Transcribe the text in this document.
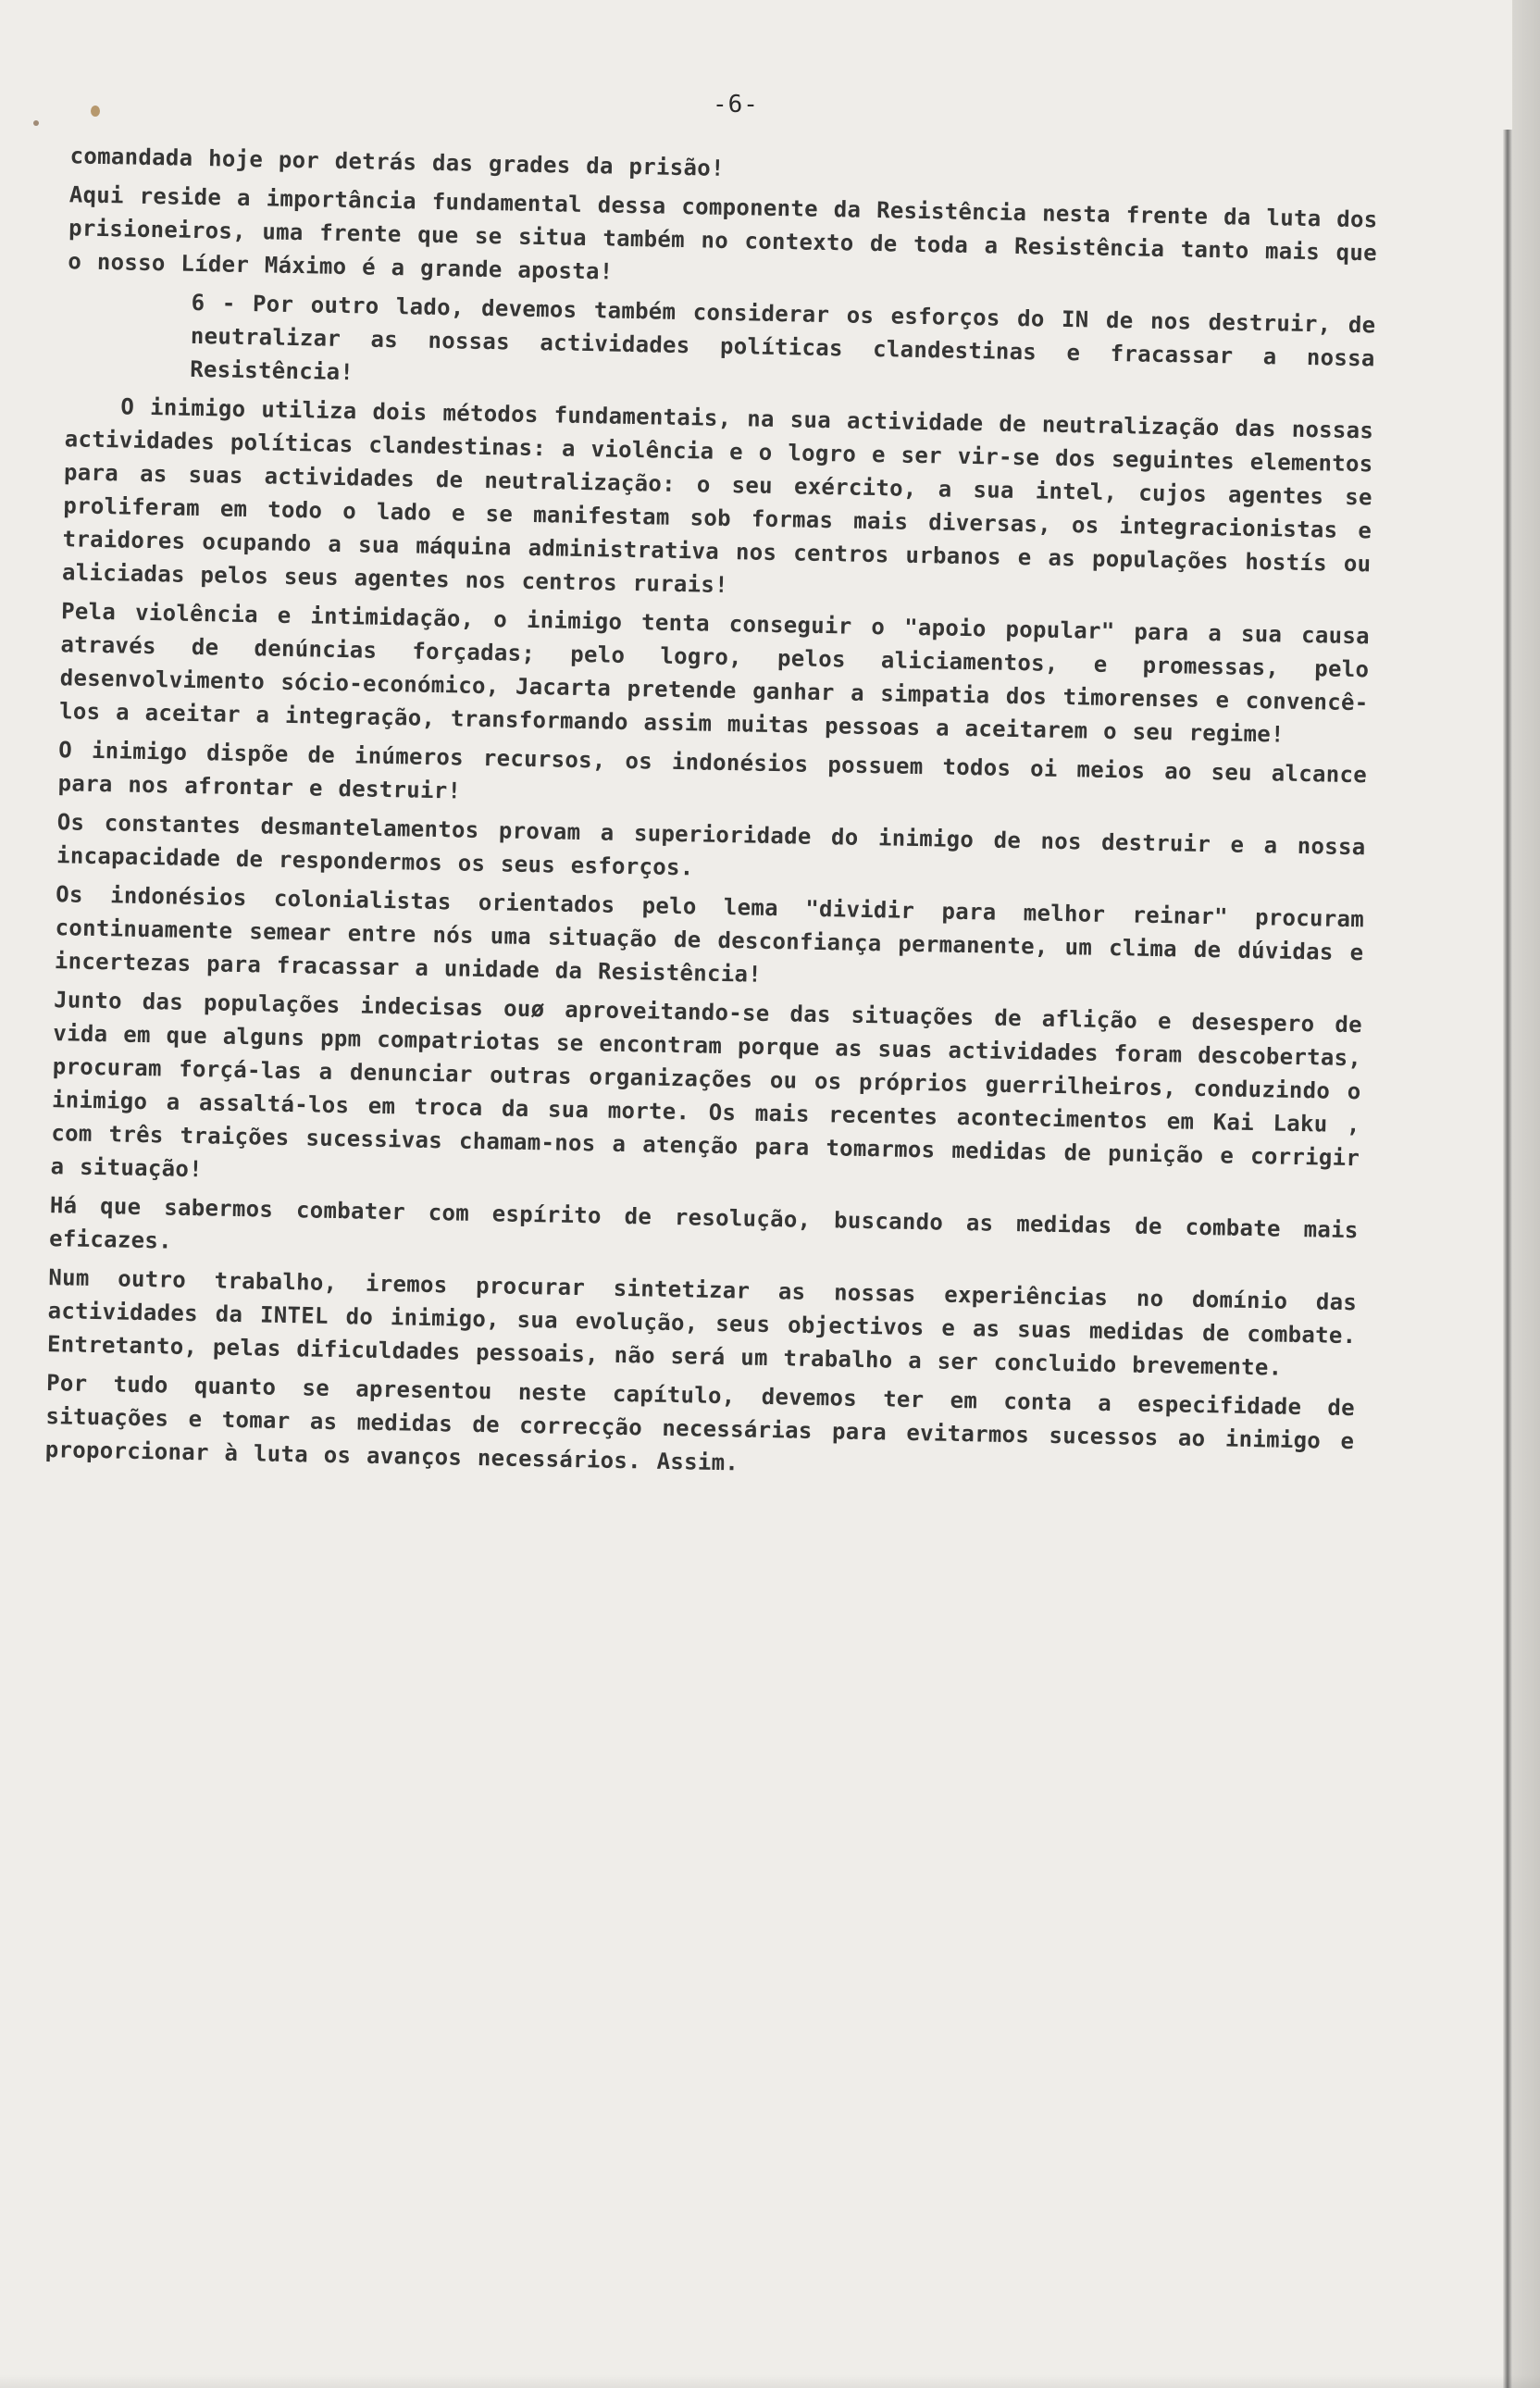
-6-

comandada hoje por detrás das grades da prisão!

Aqui reside a importância fundamental dessa componente da Resistência nesta frente da luta dos prisioneiros, uma frente que se situa também no contexto de toda a Resistência tanto mais que o nosso Líder Máximo é a grande aposta!

6 - Por outro lado, devemos também considerar os esforços do IN de nos destruir, de neutralizar as nossas actividades políticas clandestinas e fracassar a nossa Resistência!

O inimigo utiliza dois métodos fundamentais, na sua actividade de neutralização das nossas actividades políticas clandestinas: a violência e o logro e ser vir-se dos seguintes elementos para as suas actividades de neutralização: o seu exército, a sua intel, cujos agentes se proliferam em todo o lado e se manifestam sob formas mais diversas, os integracionistas e traidores ocupando a sua máquina administrativa nos centros urbanos e as populações hostís ou aliciadas pelos seus agentes nos centros rurais!

Pela violência e intimidação, o inimigo tenta conseguir o "apoio popular" para a sua causa através de denúncias forçadas; pelo logro, pelos aliciamentos, e promessas, pelo desenvolvimento sócio-económico, Jacarta pretende ganhar a simpatia dos timorenses e convencê-los a aceitar a integração, transformando assim muitas pessoas a aceitarem o seu regime!

O inimigo dispõe de inúmeros recursos, os indonésios possuem todos oi meios ao seu alcance para nos afrontar e destruir!

Os constantes desmantelamentos provam a superioridade do inimigo de nos destruir e a nossa incapacidade de respondermos os seus esforços.

Os indonésios colonialistas orientados pelo lema "dividir para melhor reinar" procuram continuamente semear entre nós uma situação de desconfiança permanente, um clima de dúvidas e incertezas para fracassar a unidade da Resistência!

Junto das populações indecisas ouø aproveitando-se das situações de aflição e desespero de vida em que alguns ppm compatriotas se encontram porque as suas actividades foram descobertas, procuram forçá-las a denunciar outras organizações ou os próprios guerrilheiros, conduzindo o inimigo a assaltá-los em troca da sua morte. Os mais recentes acontecimentos em Kai Laku , com três traições sucessivas chamam-nos a atenção para tomarmos medidas de punição e corrigir a situação!

Há que sabermos combater com espírito de resolução, buscando as medidas de combate mais eficazes.

Num outro trabalho, iremos procurar sintetizar as nossas experiências no domínio das actividades da INTEL do inimigo, sua evolução, seus objectivos e as suas medidas de combate. Entretanto, pelas dificuldades pessoais, não será um trabalho a ser concluido brevemente.

Por tudo quanto se apresentou neste capítulo, devemos ter em conta a especifidade de situações e tomar as medidas de correcção necessárias para evitarmos sucessos ao inimigo e proporcionar à luta os avanços necessários. Assim.
